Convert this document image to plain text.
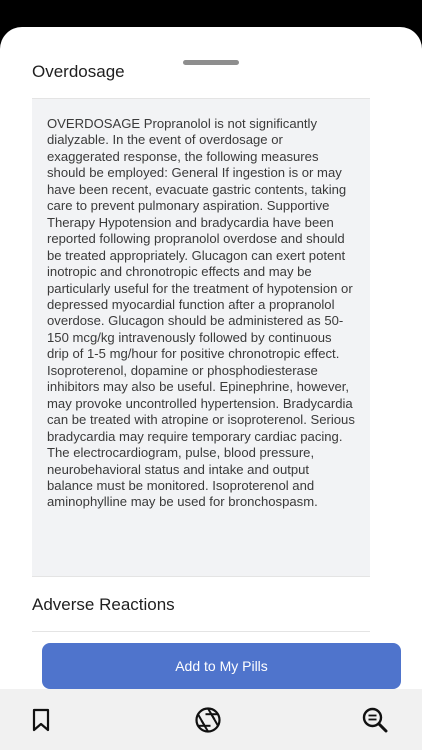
Overdosage

OVERDOSAGE Propranolol is not significantly dialyzable. In the event of overdosage or exaggerated response, the following measures should be employed: General If ingestion is or may have been recent, evacuate gastric contents, taking care to prevent pulmonary aspiration. Supportive Therapy Hypotension and bradycardia have been reported following propranolol overdose and should be treated appropriately. Glucagon can exert potent inotropic and chronotropic effects and may be particularly useful for the treatment of hypotension or depressed myocardial function after a propranolol overdose. Glucagon should be administered as 50-150 mcg/kg intravenously followed by continuous drip of 1-5 mg/hour for positive chronotropic effect. Isoproterenol, dopamine or phosphodiesterase inhibitors may also be useful. Epinephrine, however, may provoke uncontrolled hypertension. Bradycardia can be treated with atropine or isoproterenol. Serious bradycardia may require temporary cardiac pacing. The electrocardiogram, pulse, blood pressure, neurobehavioral status and intake and output balance must be monitored. Isoproterenol and aminophylline may be used for bronchospasm.

Adverse Reactions
Add to My Pills
